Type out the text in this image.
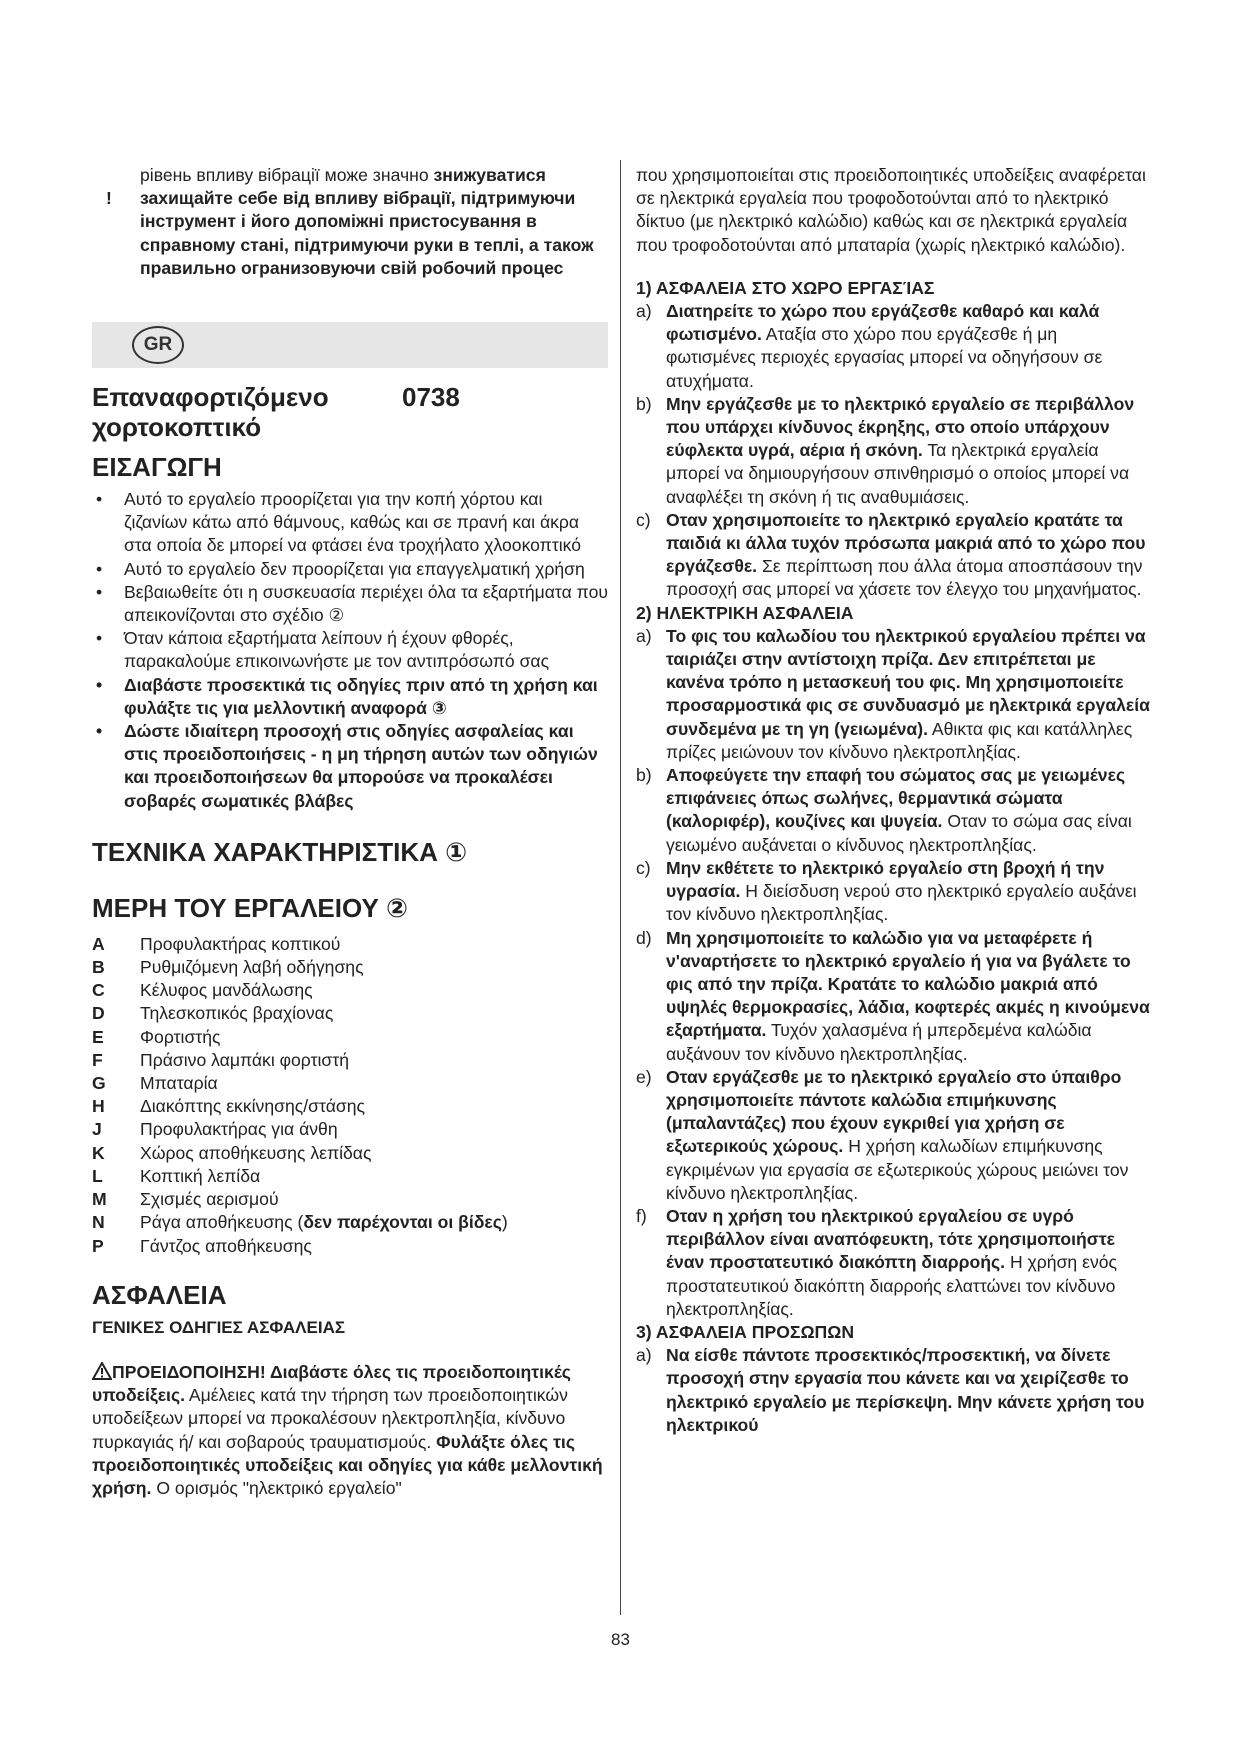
!
рівень впливу вібрації може значно знижуватися захищайте себе від впливу вібрації, підтримуючи інструмент і його допоміжні пристосування в справному стані, підтримуючи руки в теплі, а також правильно огранизовуючи свій робочий процес
GR
Επαναφορτιζόμενο χορτοκοπτικό
0738
ΕΙΣΑΓΩΓΗ
• Αυτό το εργαλείο προορίζεται για την κοπή χόρτου και ζιζανίων κάτω από θάμνους, καθώς και σε πρανή και άκρα στα οποία δε μπορεί να φτάσει ένα τροχήλατο χλοοκοπτικό
• Αυτό το εργαλείο δεν προορίζεται για επαγγελματική χρήση
• Βεβαιωθείτε ότι η συσκευασία περιέχει όλα τα εξαρτήματα που απεικονίζονται στο σχέδιο ②
• Όταν κάποια εξαρτήματα λείπουν ή έχουν φθορές, παρακαλούμε επικοινωνήστε με τον αντιπρόσωπό σας
• Διαβάστε προσεκτικά τις οδηγίες πριν από τη χρήση και φυλάξτε τις για μελλοντική αναφορά ③
• Δώστε ιδιαίτερη προσοχή στις οδηγίες ασφαλείας και στις προειδοποιήσεις - η μη τήρηση αυτών των οδηγιών και προειδοποιήσεων θα μπορούσε να προκαλέσει σοβαρές σωματικές βλάβες
ΤΕΧΝΙΚΑ ΧΑΡΑΚΤΗΡΙΣΤΙΚΑ ①
ΜΕΡΗ ΤΟΥ ΕΡΓΑΛΕΙΟΥ ②
A Προφυλακτήρας κοπτικού
B Ρυθμιζόμενη λαβή οδήγησης
C Κέλυφος μανδάλωσης
D Τηλεσκοπικός βραχίονας
E Φορτιστής
F Πράσινο λαμπάκι φορτιστή
G Μπαταρία
H Διακόπτης εκκίνησης/στάσης
J Προφυλακτήρας για άνθη
K Χώρος αποθήκευσης λεπίδας
L Κοπτική λεπίδα
M Σχισμές αερισμού
N Ράγα αποθήκευσης (δεν παρέχονται οι βίδες)
P Γάντζος αποθήκευσης
ΑΣΦΑΛΕΙΑ
ΓΕΝΙΚΕΣ ΟΔΗΓΙΕΣ ΑΣΦΑΛΕΙΑΣ
ΠΡΟΕΙΔΟΠΟΙΗΣΗ! Διαβάστε όλες τις προειδοποιητικές υποδείξεις. Αμέλειες κατά την τήρηση των προειδοποιητικών υποδείξεων μπορεί να προκαλέσουν ηλεκτροπληξία, κίνδυνο πυρκαγιάς ή/ και σοβαρούς τραυματισμούς. Φυλάξτε όλες τις προειδοποιητικές υποδείξεις και οδηγίες για κάθε μελλοντική χρήση. Ο ορισμός "ηλεκτρικό εργαλείο"
που χρησιμοποιείται στις προειδοποιητικές υποδείξεις αναφέρεται σε ηλεκτρικά εργαλεία που τροφοδοτούνται από το ηλεκτρικό δίκτυο (με ηλεκτρικό καλώδιο) καθώς και σε ηλεκτρικά εργαλεία που τροφοδοτούνται από μπαταρία (χωρίς ηλεκτρικό καλώδιο).
1) ΑΣΦΑΛΕΙΑ ΣΤΟ ΧΩΡΟ ΕΡΓΑΣΊΑΣ
a) Διατηρείτε το χώρο που εργάζεσθε καθαρό και καλά φωτισμένο. Αταξία στο χώρο που εργάζεσθε ή μη φωτισμένες περιοχές εργασίας μπορεί να οδηγήσουν σε ατυχήματα.
b) Μην εργάζεσθε με το ηλεκτρικό εργαλείο σε περιβάλλον που υπάρχει κίνδυνος έκρηξης, στο οποίο υπάρχουν εύφλεκτα υγρά, αέρια ή σκόνη. Τα ηλεκτρικά εργαλεία μπορεί να δημιουργήσουν σπινθηρισμό ο οποίος μπορεί να αναφλέξει τη σκόνη ή τις αναθυμιάσεις.
c) Οταν χρησιμοποιείτε το ηλεκτρικό εργαλείο κρατάτε τα παιδιά κι άλλα τυχόν πρόσωπα μακριά από το χώρο που εργάζεσθε. Σε περίπτωση που άλλα άτομα αποσπάσουν την προσοχή σας μπορεί να χάσετε τον έλεγχο του μηχανήματος.
2) ΗΛΕΚΤΡΙΚΗ ΑΣΦΑΛΕΙΑ
a) Το φις του καλωδίου του ηλεκτρικού εργαλείου πρέπει να ταιριάζει στην αντίστοιχη πρίζα. Δεν επιτρέπεται με κανένα τρόπο η μετασκευή του φις. Μη χρησιμοποιείτε προσαρμοστικά φις σε συνδυασμό με ηλεκτρικά εργαλεία συνδεμένα με τη γη (γειωμένα). Αθικτα φις και κατάλληλες πρίζες μειώνουν τον κίνδυνο ηλεκτροπληξίας.
b) Αποφεύγετε την επαφή του σώματος σας με γειωμένες επιφάνειες όπως σωλήνες, θερμαντικά σώματα (καλοριφέρ), κουζίνες και ψυγεία. Οταν το σώμα σας είναι γειωμένο αυξάνεται ο κίνδυνος ηλεκτροπληξίας.
c) Μην εκθέτετε το ηλεκτρικό εργαλείο στη βροχή ή την υγρασία. Η διείσδυση νερού στο ηλεκτρικό εργαλείο αυξάνει τον κίνδυνο ηλεκτροπληξίας.
d) Μη χρησιμοποιείτε το καλώδιο για να μεταφέρετε ή ν'αναρτήσετε το ηλεκτρικό εργαλείο ή για να βγάλετε το φις από την πρίζα. Κρατάτε το καλώδιο μακριά από υψηλές θερμοκρασίες, λάδια, κοφτερές ακμές η κινούμενα εξαρτήματα. Τυχόν χαλασμένα ή μπερδεμένα καλώδια αυξάνουν τον κίνδυνο ηλεκτροπληξίας.
e) Οταν εργάζεσθε με το ηλεκτρικό εργαλείο στο ύπαιθρο χρησιμοποιείτε πάντοτε καλώδια επιμήκυνσης (μπαλαντάζες) που έχουν εγκριθεί για χρήση σε εξωτερικούς χώρους. Η χρήση καλωδίων επιμήκυνσης εγκριμένων για εργασία σε εξωτερικούς χώρους μειώνει τον κίνδυνο ηλεκτροπληξίας.
f) Οταν η χρήση του ηλεκτρικού εργαλείου σε υγρό περιβάλλον είναι αναπόφευκτη, τότε χρησιμοποιήστε έναν προστατευτικό διακόπτη διαρροής. Η χρήση ενός προστατευτικού διακόπτη διαρροής ελαττώνει τον κίνδυνο ηλεκτροπληξίας.
3) ΑΣΦΑΛΕΙΑ ΠΡΟΣΩΠΩΝ
a) Να είσθε πάντοτε προσεκτικός/προσεκτική, να δίνετε προσοχή στην εργασία που κάνετε και να χειρίζεσθε το ηλεκτρικό εργαλείο με περίσκεψη. Μην κάνετε χρήση του ηλεκτρικού
83
